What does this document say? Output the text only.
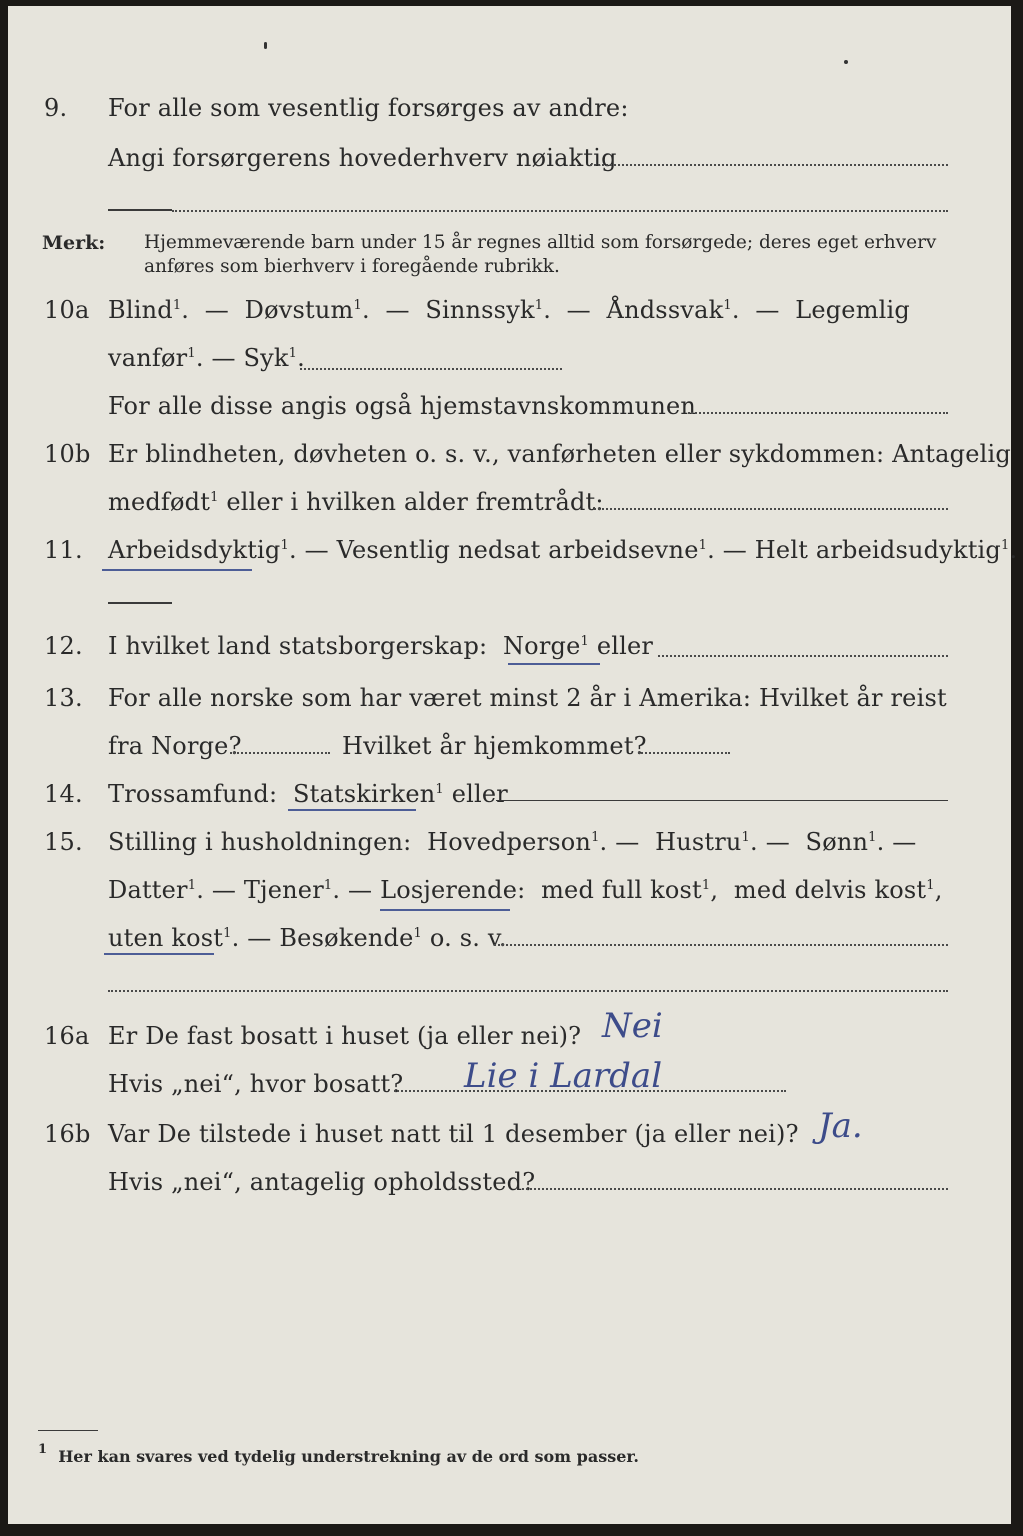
9. For alle som vesentlig forsørges av andre:
Angi forsørgerens hovederhverv nøiaktig
Merk: Hjemmeværende barn under 15 år regnes alltid som forsørgede; deres eget erhverv
anføres som bierhverv i foregående rubrikk.
10a Blind$^1$.  —  Døvstum$^1$.  —  Sinnssyk$^1$.  —  Åndssvak$^1$.  —  Legemlig
vanfør$^1$. — Syk$^1$.
For alle disse angis også hjemstavnskommunen
10b Er blindheten, døvheten o. s. v., vanførheten eller sykdommen: Antagelig
medfødt$^1$ eller i hvilken alder fremtrådt:
11. Arbeidsdyktig$^1$. — Vesentlig nedsat arbeidsevne$^1$. — Helt arbeidsudyktig$^1$.
12. I hvilket land statsborgerskap: Norge$^1$ eller
13. For alle norske som har været minst 2 år i Amerika: Hvilket år reist
fra Norge?	Hvilket år hjemkommet?
14. Trossamfund: Statskirken$^1$ eller
15. Stilling i husholdningen: Hovedperson$^1$. —  Hustru$^1$. —  Sønn$^1$. —
Datter$^1$. — Tjener$^1$. — Losjerende: med full kost$^1$,  med delvis kost$^1$,
uten kost$^1$. — Besøkende$^1$ o. s. v.
16a Er De fast bosatt i huset (ja eller nei)? Nei
Hvis „nei“, hvor bosatt? Lie i Lardal
16b Var De tilstede i huset natt til 1 desember (ja eller nei)? Ja.
Hvis „nei“, antagelig opholdssted?
$^1$ Her kan svares ved tydelig understrekning av de ord som passer.
